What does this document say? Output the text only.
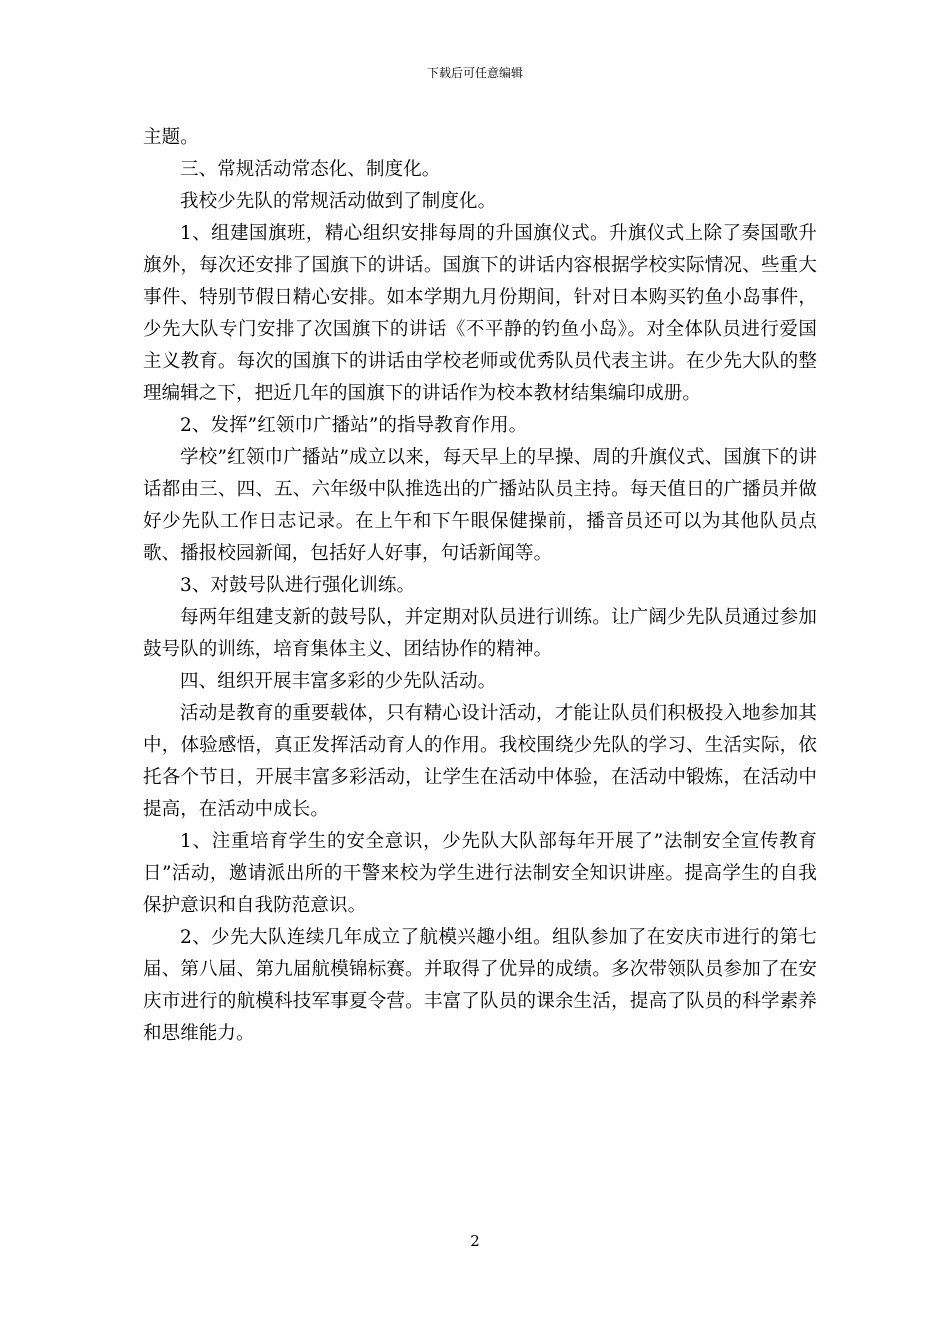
下载后可任意编辑

主题。

三、常规活动常态化、制度化。

我校少先队的常规活动做到了制度化。

1、组建国旗班，精心组织安排每周的升国旗仪式。升旗仪式上除了奏国歌升旗外，每次还安排了国旗下的讲话。国旗下的讲话内容根据学校实际情况、些重大事件、特别节假日精心安排。如本学期九月份期间，针对日本购买钓鱼小岛事件，少先大队专门安排了次国旗下的讲话《不平静的钓鱼小岛》。对全体队员进行爱国主义教育。每次的国旗下的讲话由学校老师或优秀队员代表主讲。在少先大队的整理编辑之下，把近几年的国旗下的讲话作为校本教材结集编印成册。

2、发挥”红领巾广播站”的指导教育作用。

学校”红领巾广播站”成立以来，每天早上的早操、周的升旗仪式、国旗下的讲话都由三、四、五、六年级中队推选出的广播站队员主持。每天值日的广播员并做好少先队工作日志记录。在上午和下午眼保健操前，播音员还可以为其他队员点歌、播报校园新闻，包括好人好事，句话新闻等。

3、对鼓号队进行强化训练。

每两年组建支新的鼓号队，并定期对队员进行训练。让广阔少先队员通过参加鼓号队的训练，培育集体主义、团结协作的精神。

四、组织开展丰富多彩的少先队活动。

活动是教育的重要载体，只有精心设计活动，才能让队员们积极投入地参加其中，体验感悟，真正发挥活动育人的作用。我校围绕少先队的学习、生活实际，依托各个节日，开展丰富多彩活动，让学生在活动中体验，在活动中锻炼，在活动中提高，在活动中成长。

1、注重培育学生的安全意识，少先队大队部每年开展了”法制安全宣传教育日”活动，邀请派出所的干警来校为学生进行法制安全知识讲座。提高学生的自我保护意识和自我防范意识。

2、少先大队连续几年成立了航模兴趣小组。组队参加了在安庆市进行的第七届、第八届、第九届航模锦标赛。并取得了优异的成绩。多次带领队员参加了在安庆市进行的航模科技军事夏令营。丰富了队员的课余生活，提高了队员的科学素养和思维能力。

2
